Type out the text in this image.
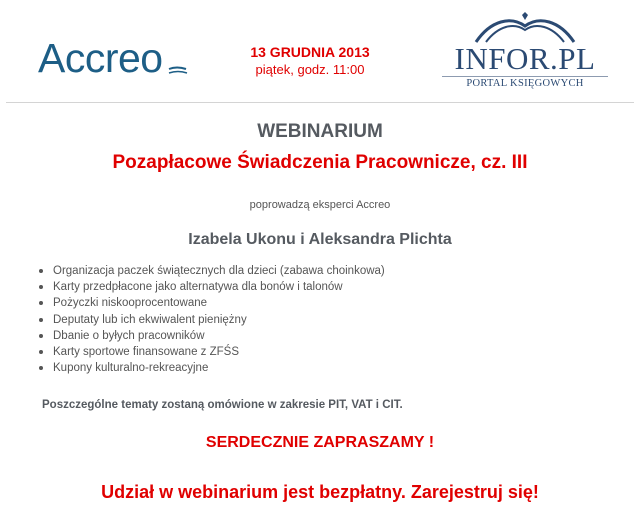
Accreo	13 GRUDNIA 2013
piątek, godz. 11:00	INFOR.PL
PORTAL KSIĘGOWYCH
WEBINARIUM
Pozapłacowe Świadczenia Pracownicze, cz. III
poprowadzą eksperci Accreo
Izabela Ukonu i Aleksandra Plichta
Organizacja paczek świątecznych dla dzieci (zabawa choinkowa)
Karty przedpłacone jako alternatywa dla bonów i talonów
Pożyczki niskooprocentowane
Deputaty lub ich ekwiwalent pieniężny
Dbanie o byłych pracowników
Karty sportowe finansowane z ZFŚS
Kupony kulturalno-rekreacyjne
Poszczególne tematy zostaną omówione w zakresie PIT, VAT i CIT.
SERDECZNIE ZAPRASZAMY !
Udział w webinarium jest bezpłatny. Zarejestruj się!
